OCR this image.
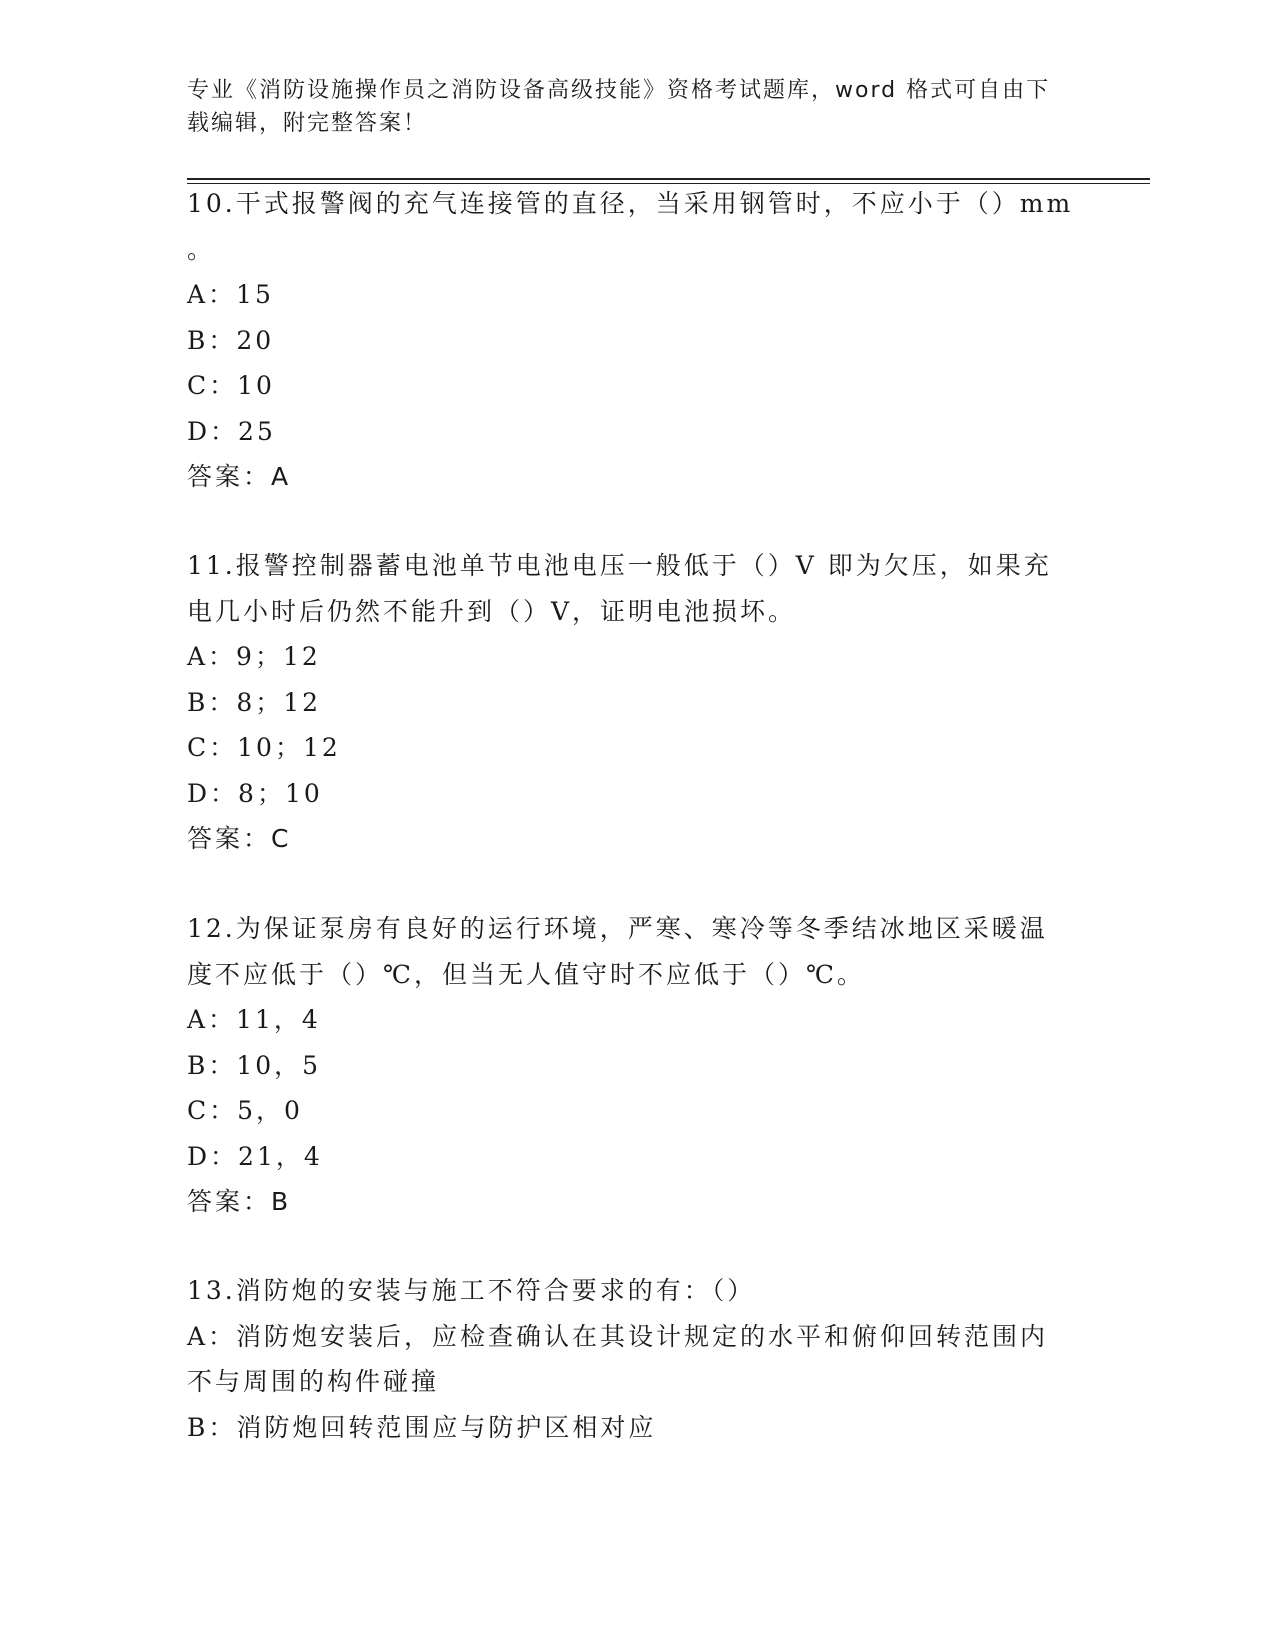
专业《消防设施操作员之消防设备高级技能》资格考试题库，word 格式可自由下
载编辑，附完整答案！
10.干式报警阀的充气连接管的直径，当采用钢管时，不应小于（）mm
。
A：15
B：20
C：10
D：25
答案：A
11.报警控制器蓄电池单节电池电压一般低于（）V 即为欠压，如果充
电几小时后仍然不能升到（）V，证明电池损坏。
A：9；12
B：8；12
C：10；12
D：8；10
答案：C
12.为保证泵房有良好的运行环境，严寒、寒冷等冬季结冰地区采暖温
度不应低于（）℃，但当无人值守时不应低于（）℃。
A：11，4
B：10，5
C：5，0
D：21，4
答案：B
13.消防炮的安装与施工不符合要求的有：（）
A：消防炮安装后，应检查确认在其设计规定的水平和俯仰回转范围内
不与周围的构件碰撞
B：消防炮回转范围应与防护区相对应
